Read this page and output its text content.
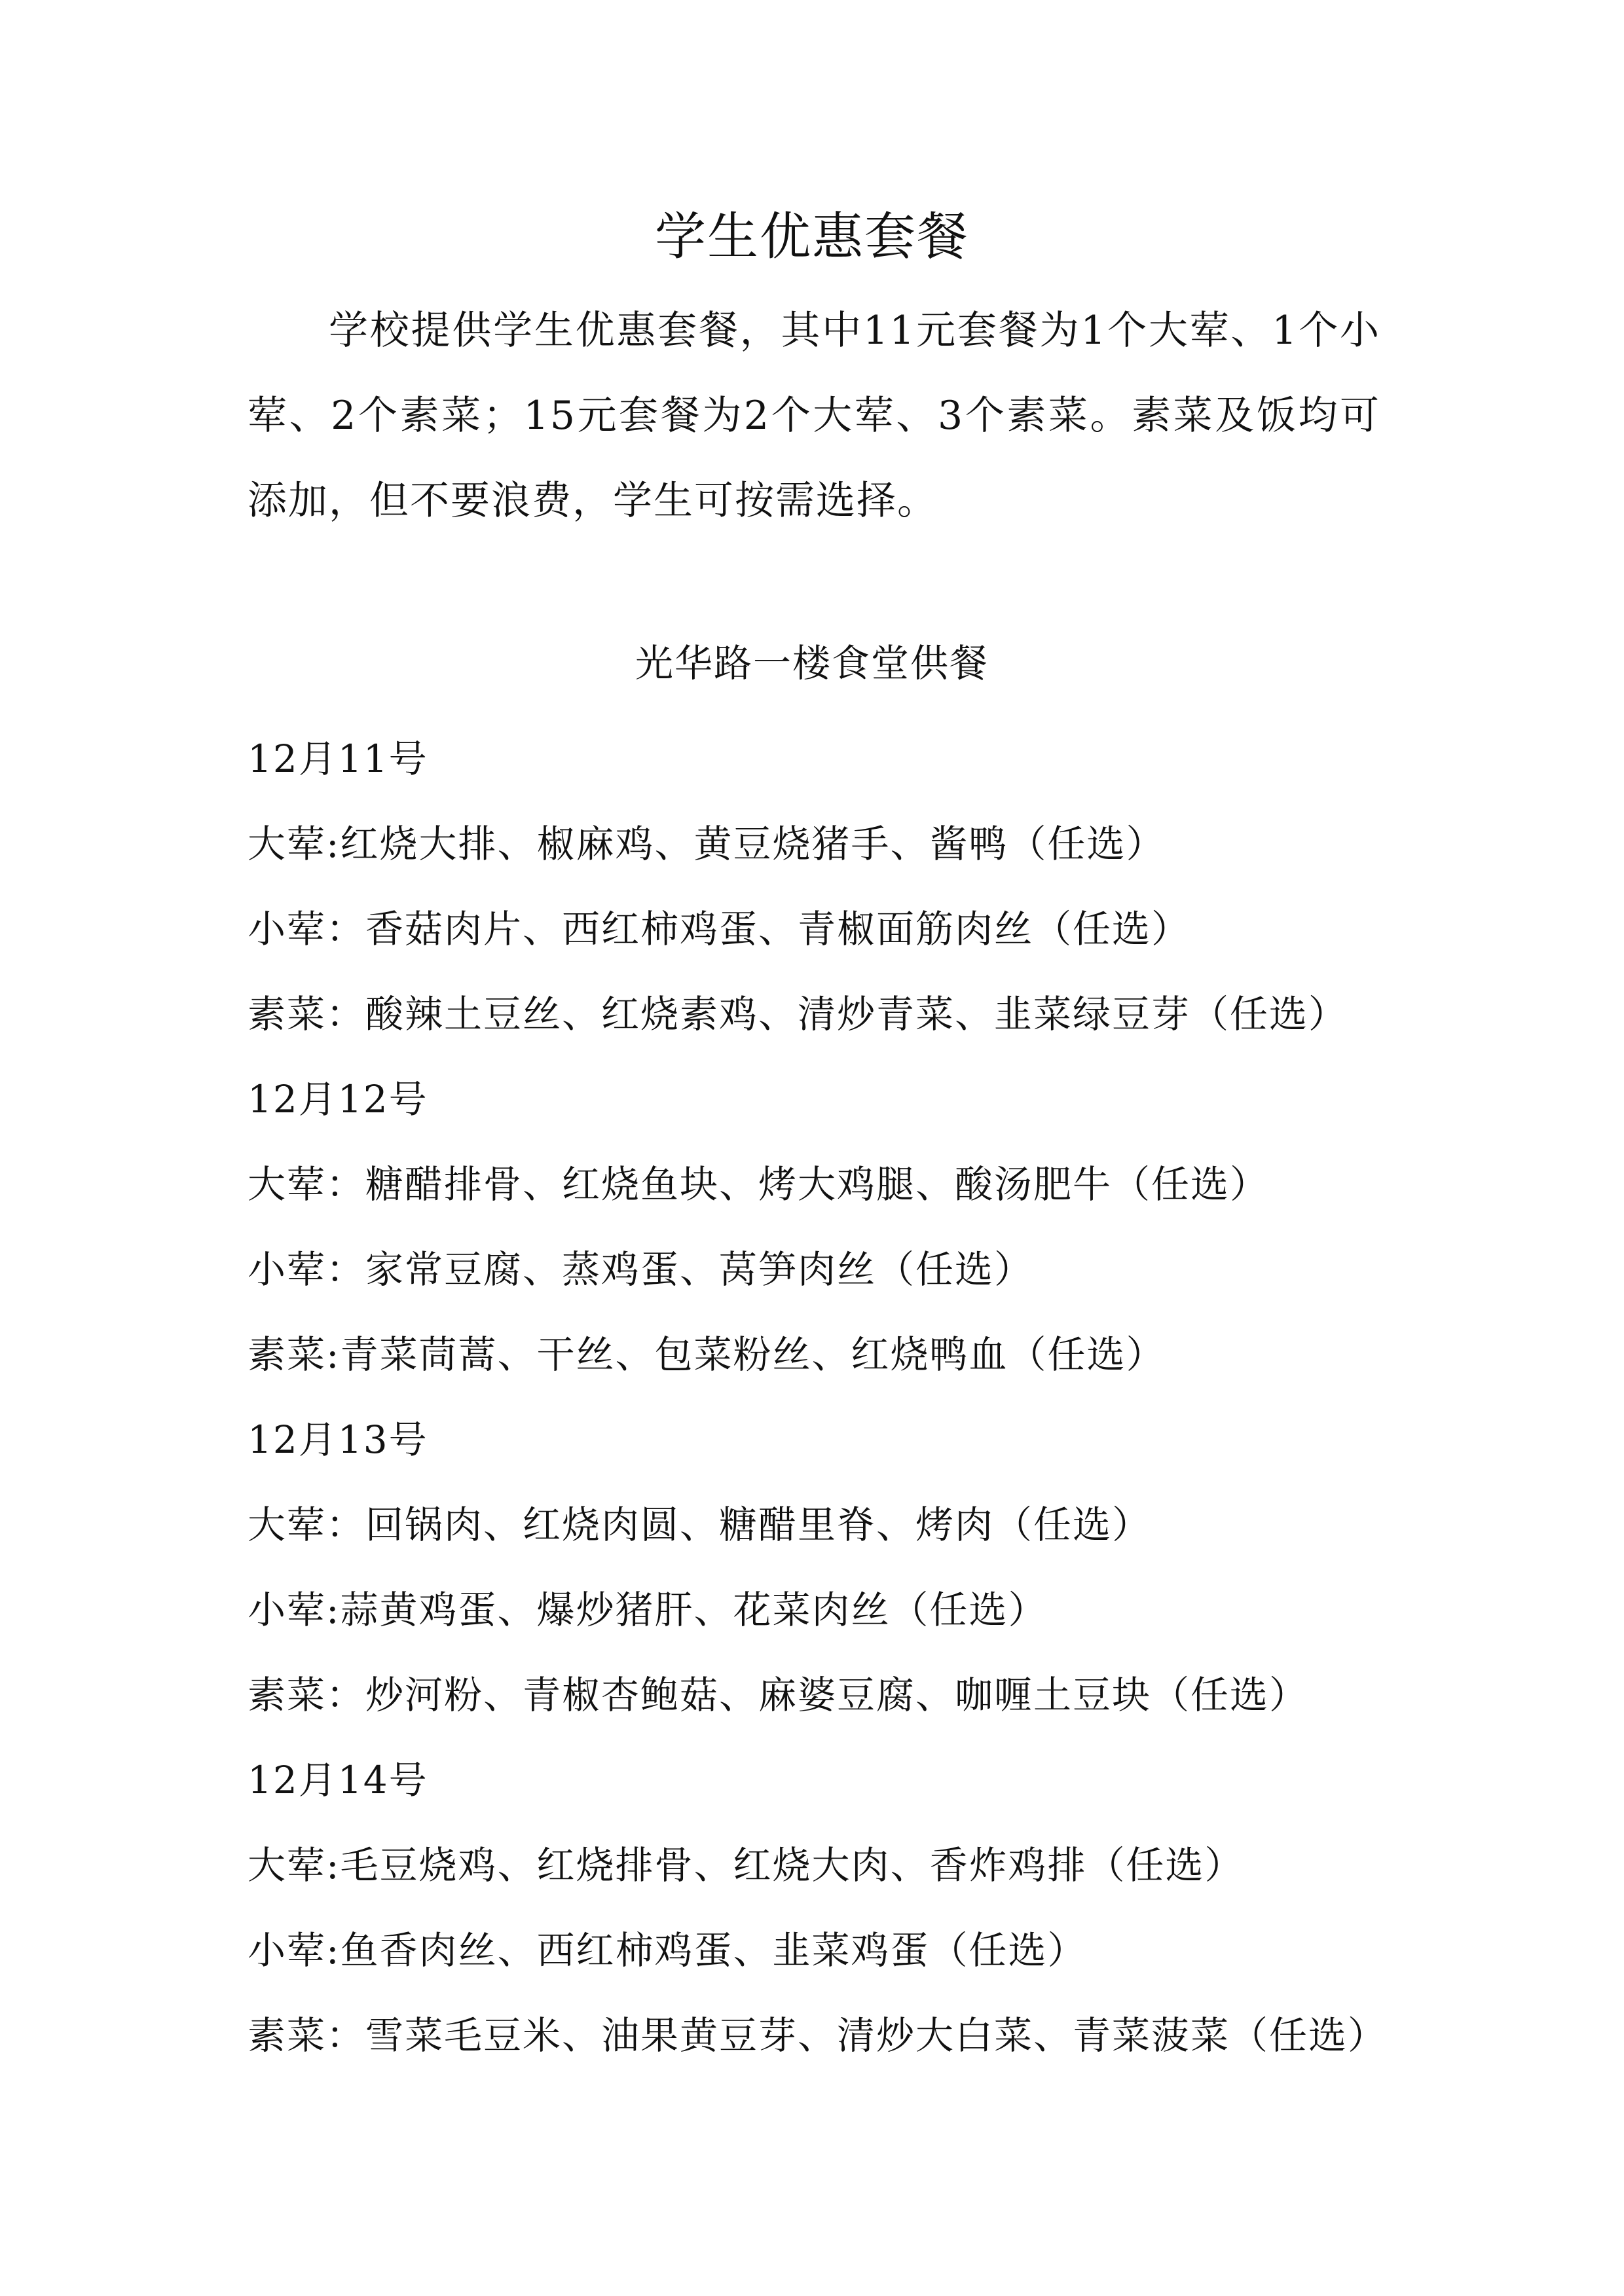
学生优惠套餐

学校提供学生优惠套餐，其中11元套餐为1个大荤、1个小荤、2个素菜；15元套餐为2个大荤、3个素菜。素菜及饭均可添加，但不要浪费，学生可按需选择。

光华路一楼食堂供餐
12月11号
大荤:红烧大排、椒麻鸡、黄豆烧猪手、酱鸭（任选）
小荤：香菇肉片、西红柿鸡蛋、青椒面筋肉丝（任选）
素菜：酸辣土豆丝、红烧素鸡、清炒青菜、韭菜绿豆芽（任选）
12月12号
大荤：糖醋排骨、红烧鱼块、烤大鸡腿、酸汤肥牛（任选）
小荤：家常豆腐、蒸鸡蛋、莴笋肉丝（任选）
素菜:青菜茼蒿、干丝、包菜粉丝、红烧鸭血（任选）
12月13号
大荤：回锅肉、红烧肉圆、糖醋里脊、烤肉（任选）
小荤:蒜黄鸡蛋、爆炒猪肝、花菜肉丝（任选）
素菜：炒河粉、青椒杏鲍菇、麻婆豆腐、咖喱土豆块（任选）
12月14号
大荤:毛豆烧鸡、红烧排骨、红烧大肉、香炸鸡排（任选）
小荤:鱼香肉丝、西红柿鸡蛋、韭菜鸡蛋（任选）
素菜：雪菜毛豆米、油果黄豆芽、清炒大白菜、青菜菠菜（任选）
